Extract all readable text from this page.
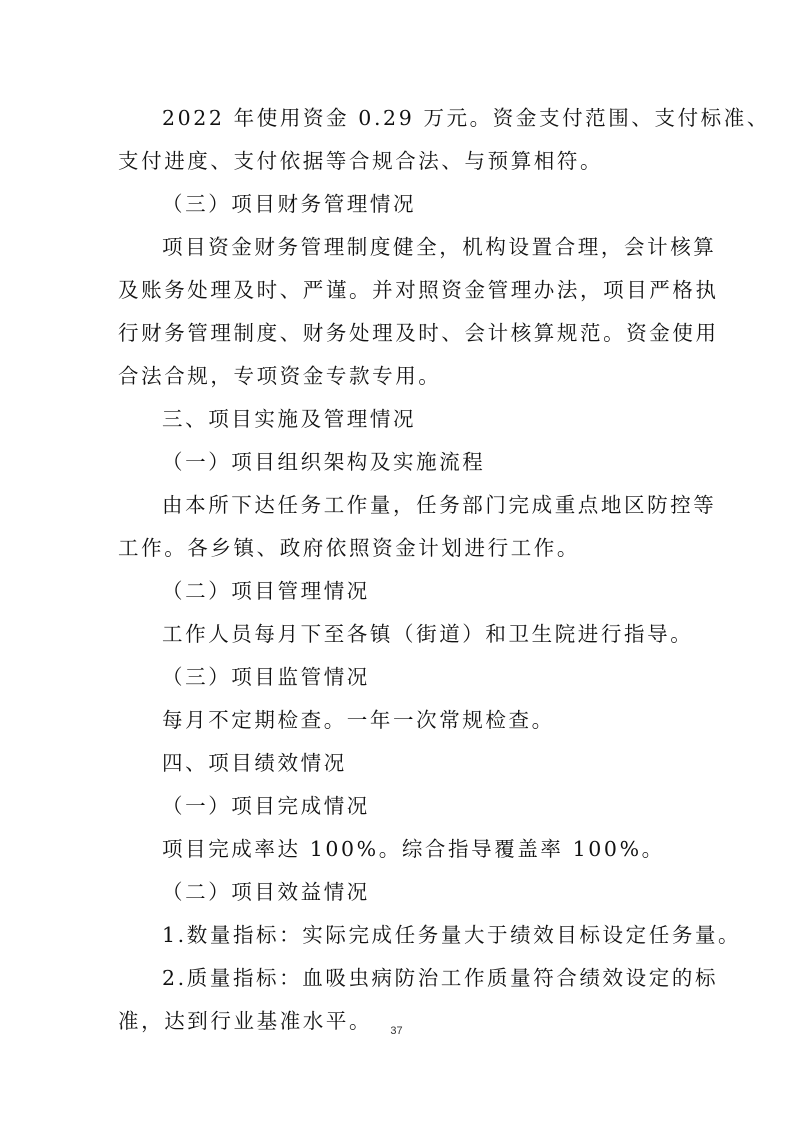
2022 年使用资金 0.29 万元。资金支付范围、支付标准、
支付进度、支付依据等合规合法、与预算相符。
（三）项目财务管理情况
项目资金财务管理制度健全，机构设置合理，会计核算
及账务处理及时、严谨。并对照资金管理办法，项目严格执
行财务管理制度、财务处理及时、会计核算规范。资金使用
合法合规，专项资金专款专用。
三、项目实施及管理情况
（一）项目组织架构及实施流程
由本所下达任务工作量，任务部门完成重点地区防控等
工作。各乡镇、政府依照资金计划进行工作。
（二）项目管理情况
工作人员每月下至各镇（街道）和卫生院进行指导。
（三）项目监管情况
每月不定期检查。一年一次常规检查。
四、项目绩效情况
（一）项目完成情况
项目完成率达 100%。综合指导覆盖率 100%。
（二）项目效益情况
1.数量指标：实际完成任务量大于绩效目标设定任务量。
2.质量指标：血吸虫病防治工作质量符合绩效设定的标
准，达到行业基准水平。	37
